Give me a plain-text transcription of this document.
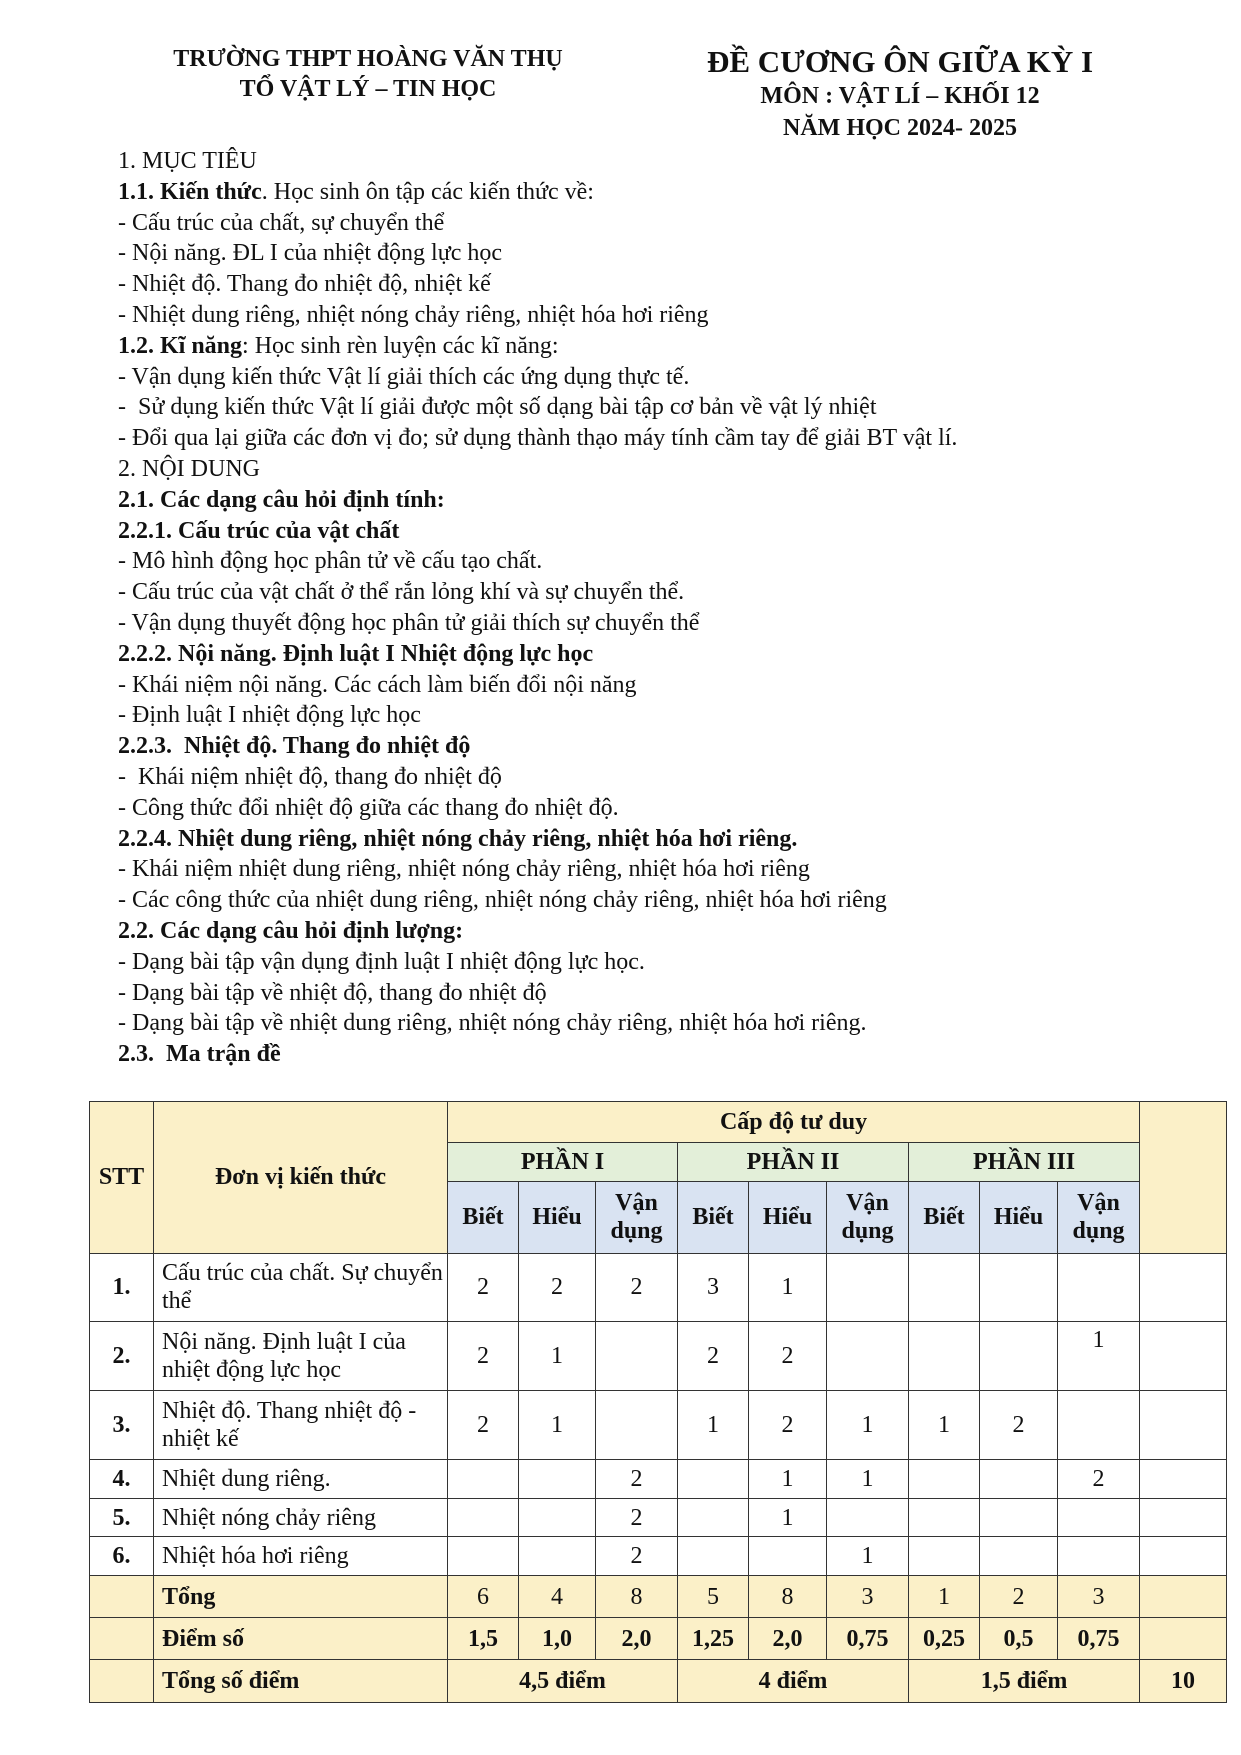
TRƯỜNG THPT HOÀNG VĂN THỤ
TỔ VẬT LÝ – TIN HỌC
ĐỀ CƯƠNG ÔN GIỮA KỲ I
MÔN : VẬT LÍ – KHỐI 12
NĂM HỌC 2024- 2025
1. MỤC TIÊU
1.1. Kiến thức. Học sinh ôn tập các kiến thức về:
- Cấu trúc của chất, sự chuyển thể
- Nội năng. ĐL I của nhiệt động lực học
- Nhiệt độ. Thang đo nhiệt độ, nhiệt kế
- Nhiệt dung riêng, nhiệt nóng chảy riêng, nhiệt hóa hơi riêng
1.2. Kĩ năng: Học sinh rèn luyện các kĩ năng:
- Vận dụng kiến thức Vật lí giải thích các ứng dụng thực tế.
-  Sử dụng kiến thức Vật lí giải được một số dạng bài tập cơ bản về vật lý nhiệt
- Đổi qua lại giữa các đơn vị đo; sử dụng thành thạo máy tính cầm tay để giải BT vật lí.
2. NỘI DUNG
2.1. Các dạng câu hỏi định tính:
2.2.1. Cấu trúc của vật chất
- Mô hình động học phân tử về cấu tạo chất.
- Cấu trúc của vật chất ở thể rắn lỏng khí và sự chuyển thể.
- Vận dụng thuyết động học phân tử giải thích sự chuyển thể
2.2.2. Nội năng. Định luật I Nhiệt động lực học
- Khái niệm nội năng. Các cách làm biến đổi nội năng
- Định luật I nhiệt động lực học
2.2.3.  Nhiệt độ. Thang đo nhiệt độ
-  Khái niệm nhiệt độ, thang đo nhiệt độ
- Công thức đổi nhiệt độ giữa các thang đo nhiệt độ.
2.2.4. Nhiệt dung riêng, nhiệt nóng chảy riêng, nhiệt hóa hơi riêng.
- Khái niệm nhiệt dung riêng, nhiệt nóng chảy riêng, nhiệt hóa hơi riêng
- Các công thức của nhiệt dung riêng, nhiệt nóng chảy riêng, nhiệt hóa hơi riêng
2.2. Các dạng câu hỏi định lượng:
- Dạng bài tập vận dụng định luật I nhiệt động lực học.
- Dạng bài tập về nhiệt độ, thang đo nhiệt độ
- Dạng bài tập về nhiệt dung riêng, nhiệt nóng chảy riêng, nhiệt hóa hơi riêng.
2.3.  Ma trận đề
STT	Đơn vị kiến thức	Cấp độ tư duy									
		PHẦN I			PHẦN II			PHẦN III			
		Biết	Hiểu	Vận dụng	Biết	Hiểu	Vận dụng	Biết	Hiểu	Vận dụng	
1.	Cấu trúc của chất. Sự chuyển thể	2	2	2	3	1					
2.	Nội năng. Định luật I của nhiệt động lực học	2	1		2	2				1	
3.	Nhiệt độ. Thang nhiệt độ - nhiệt kế	2	1		1	2	1	1	2		
4.	Nhiệt dung riêng.			2		1	1			2	
5.	Nhiệt nóng chảy riêng			2		1					
6.	Nhiệt hóa hơi riêng			2			1				
	Tổng	6	4	8	5	8	3	1	2	3	
	Điểm số	1,5	1,0	2,0	1,25	2,0	0,75	0,25	0,5	0,75	
	Tổng số điểm	4,5 điểm			4 điểm			1,5 điểm			10
